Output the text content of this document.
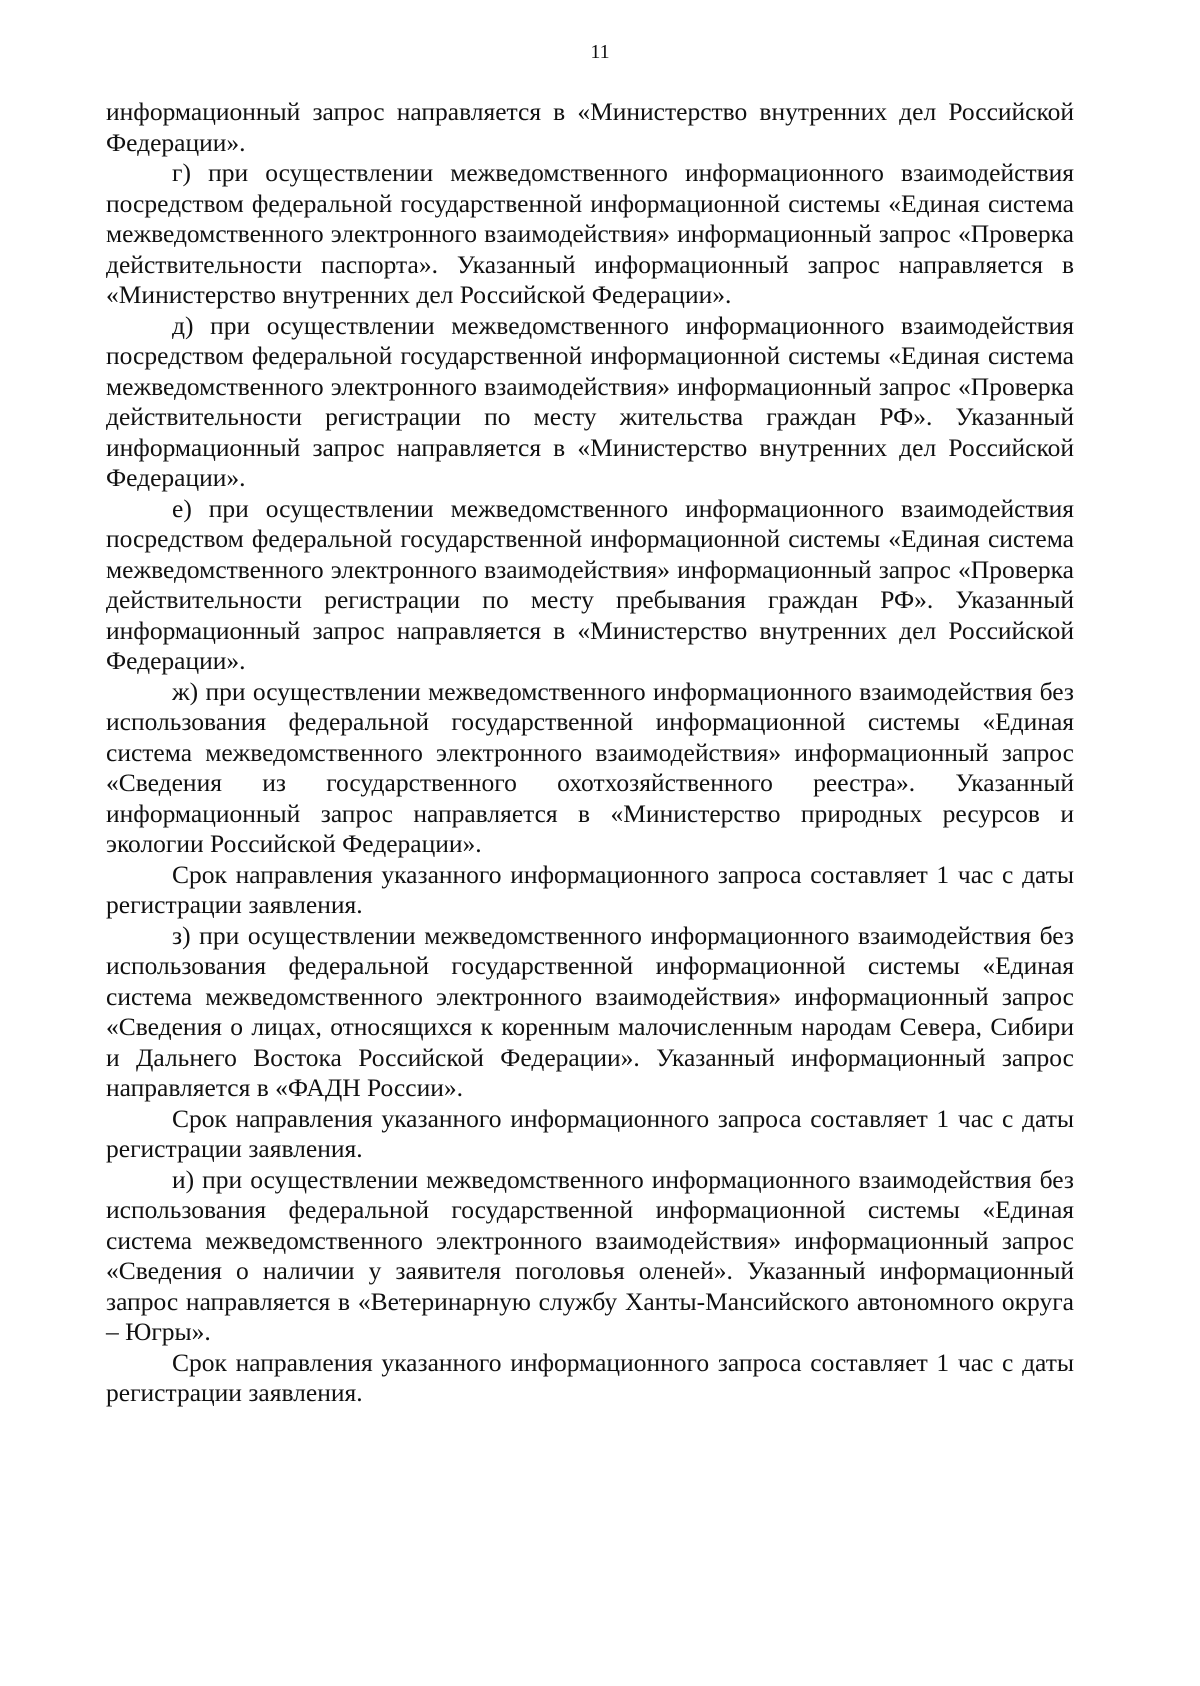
11

информационный запрос направляется в «Министерство внутренних дел Российской Федерации».

г) при осуществлении межведомственного информационного взаимодействия посредством федеральной государственной информационной системы «Единая система межведомственного электронного взаимодействия» информационный запрос «Проверка действительности паспорта». Указанный информационный запрос направляется в «Министерство внутренних дел Российской Федерации».

д) при осуществлении межведомственного информационного взаимодействия посредством федеральной государственной информационной системы «Единая система межведомственного электронного взаимодействия» информационный запрос «Проверка действительности регистрации по месту жительства граждан РФ». Указанный информационный запрос направляется в «Министерство внутренних дел Российской Федерации».

е) при осуществлении межведомственного информационного взаимодействия посредством федеральной государственной информационной системы «Единая система межведомственного электронного взаимодействия» информационный запрос «Проверка действительности регистрации по месту пребывания граждан РФ». Указанный информационный запрос направляется в «Министерство внутренних дел Российской Федерации».

ж) при осуществлении межведомственного информационного взаимодействия без использования федеральной государственной информационной системы «Единая система межведомственного электронного взаимодействия» информационный запрос «Сведения из государственного охотхозяйственного реестра». Указанный информационный запрос направляется в «Министерство природных ресурсов и экологии Российской Федерации».

Срок направления указанного информационного запроса составляет 1 час с даты регистрации заявления.

з) при осуществлении межведомственного информационного взаимодействия без использования федеральной государственной информационной системы «Единая система межведомственного электронного взаимодействия» информационный запрос «Сведения о лицах, относящихся к коренным малочисленным народам Севера, Сибири и Дальнего Востока Российской Федерации». Указанный информационный запрос направляется в «ФАДН России».

Срок направления указанного информационного запроса составляет 1 час с даты регистрации заявления.

и) при осуществлении межведомственного информационного взаимодействия без использования федеральной государственной информационной системы «Единая система межведомственного электронного взаимодействия» информационный запрос «Сведения о наличии у заявителя поголовья оленей». Указанный информационный запрос направляется в «Ветеринарную службу Ханты-Мансийского автономного округа – Югры».

Срок направления указанного информационного запроса составляет 1 час с даты регистрации заявления.
